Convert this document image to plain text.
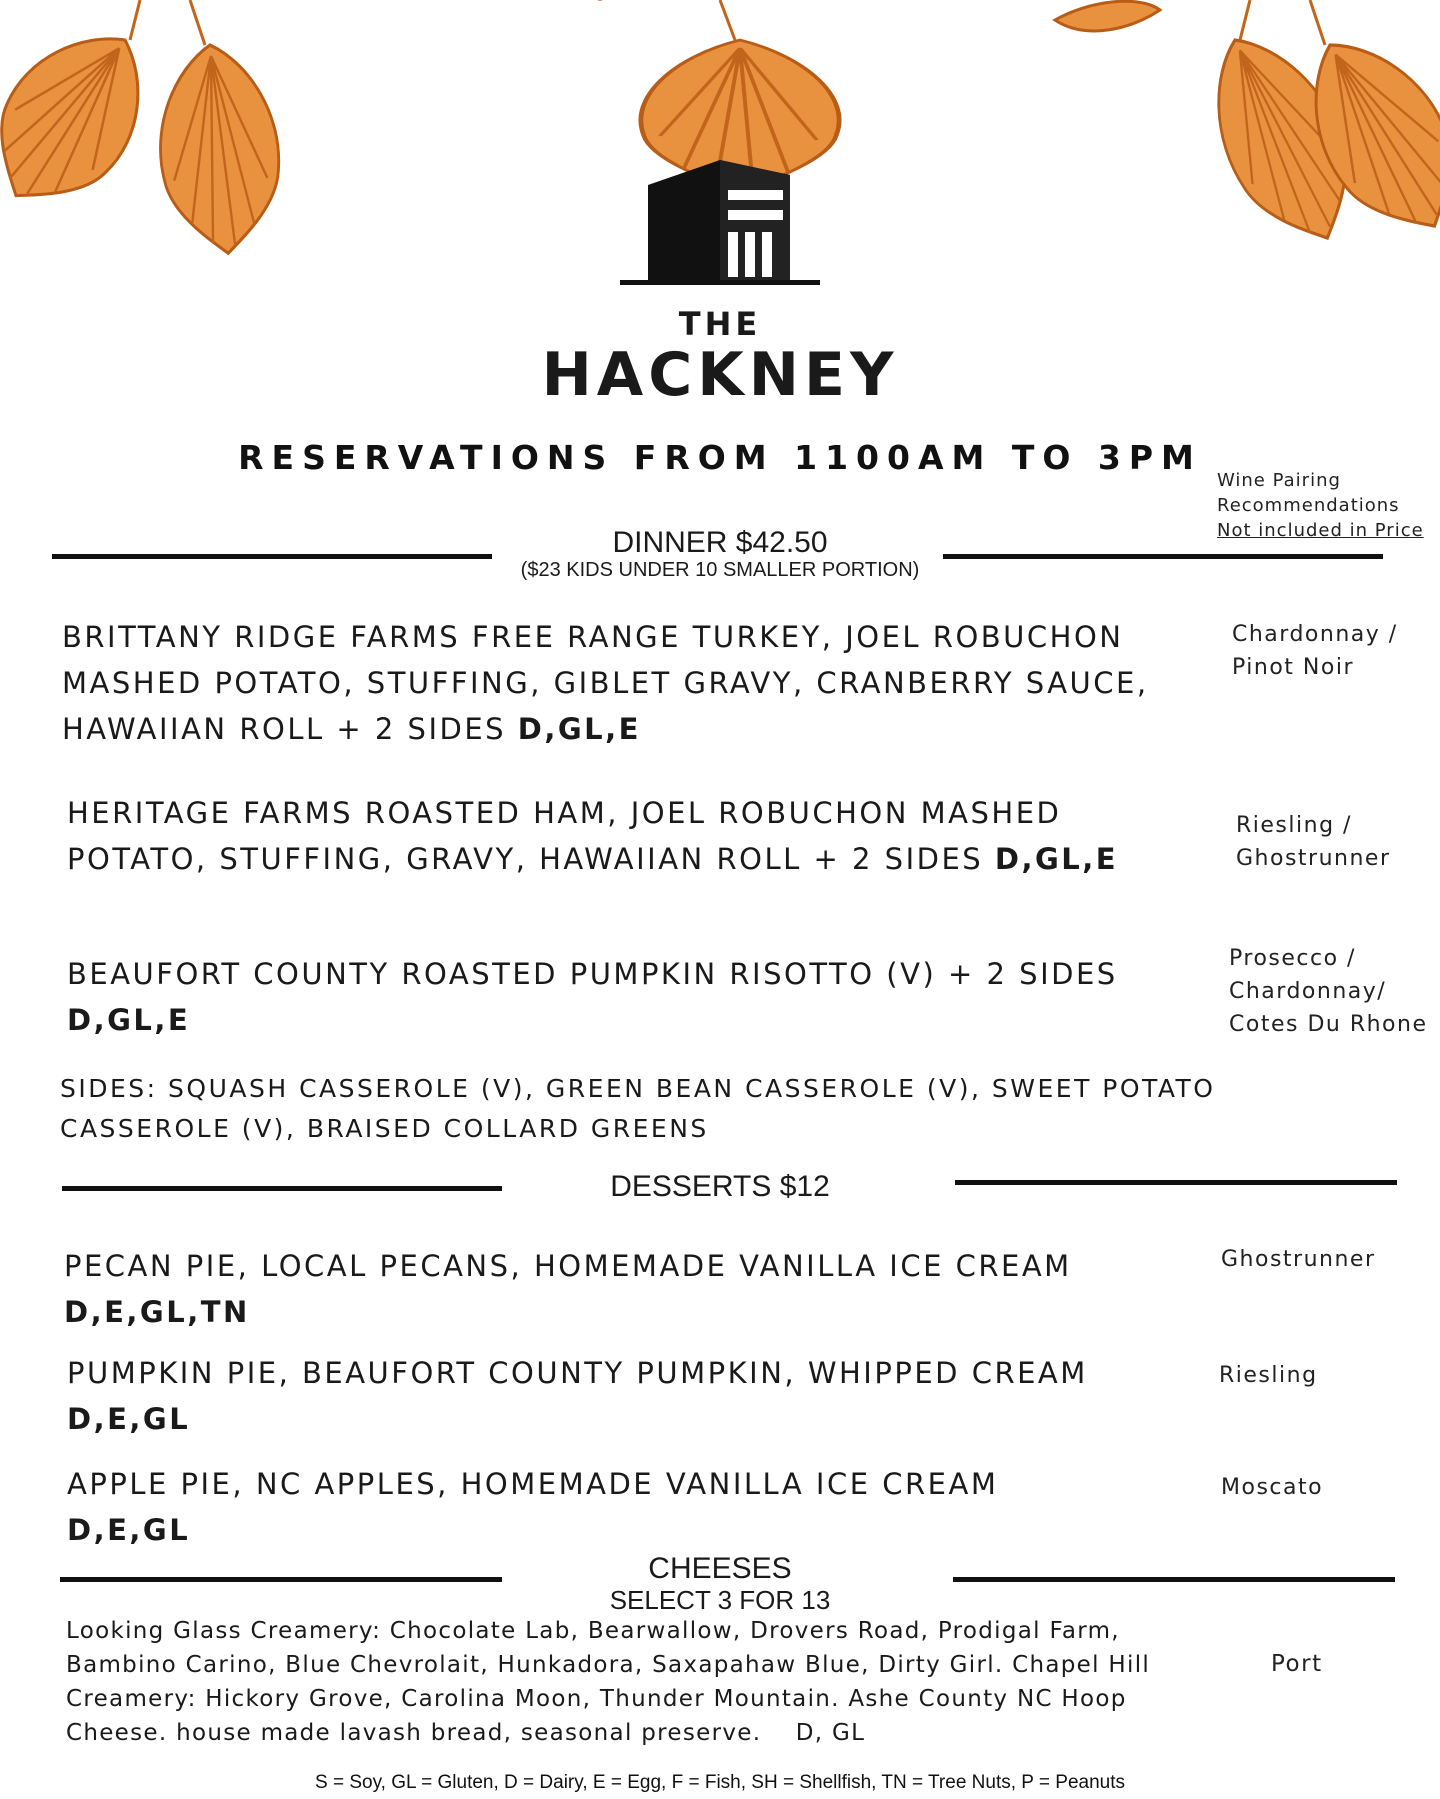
THE
HACKNEY
RESERVATIONS FROM 1100AM TO 3PM
Wine Pairing
Recommendations
Not included in Price
DINNER $42.50
($23 KIDS UNDER 10 SMALLER PORTION)
BRITTANY RIDGE FARMS FREE RANGE TURKEY, JOEL ROBUCHON MASHED POTATO, STUFFING, GIBLET GRAVY, CRANBERRY SAUCE, HAWAIIAN ROLL + 2 SIDES D,GL,E
Chardonnay /
Pinot Noir
HERITAGE FARMS ROASTED HAM, JOEL ROBUCHON MASHED POTATO, STUFFING, GRAVY, HAWAIIAN ROLL + 2 SIDES D,GL,E
Riesling /
Ghostrunner
BEAUFORT COUNTY ROASTED PUMPKIN RISOTTO (V) + 2 SIDES D,GL,E
Prosecco /
Chardonnay/
Cotes Du Rhone
SIDES: SQUASH CASSEROLE (V), GREEN BEAN CASSEROLE (V), SWEET POTATO CASSEROLE (V), BRAISED COLLARD GREENS
DESSERTS $12
PECAN PIE, LOCAL PECANS, HOMEMADE VANILLA ICE CREAM
D,E,GL,TN
Ghostrunner
PUMPKIN PIE, BEAUFORT COUNTY PUMPKIN, WHIPPED CREAM
D,E,GL
Riesling
APPLE PIE, NC APPLES, HOMEMADE VANILLA ICE CREAM
D,E,GL
Moscato
CHEESES
SELECT 3 FOR 13
Looking Glass Creamery: Chocolate Lab, Bearwallow, Drovers Road, Prodigal Farm, Bambino Carino, Blue Chevrolait, Hunkadora, Saxapahaw Blue, Dirty Girl. Chapel Hill Creamery: Hickory Grove, Carolina Moon, Thunder Mountain. Ashe County NC Hoop Cheese. house made lavash bread, seasonal preserve. D, GL
Port
S = Soy, GL = Gluten, D = Dairy, E = Egg, F = Fish, SH = Shellfish, TN = Tree Nuts, P = Peanuts
